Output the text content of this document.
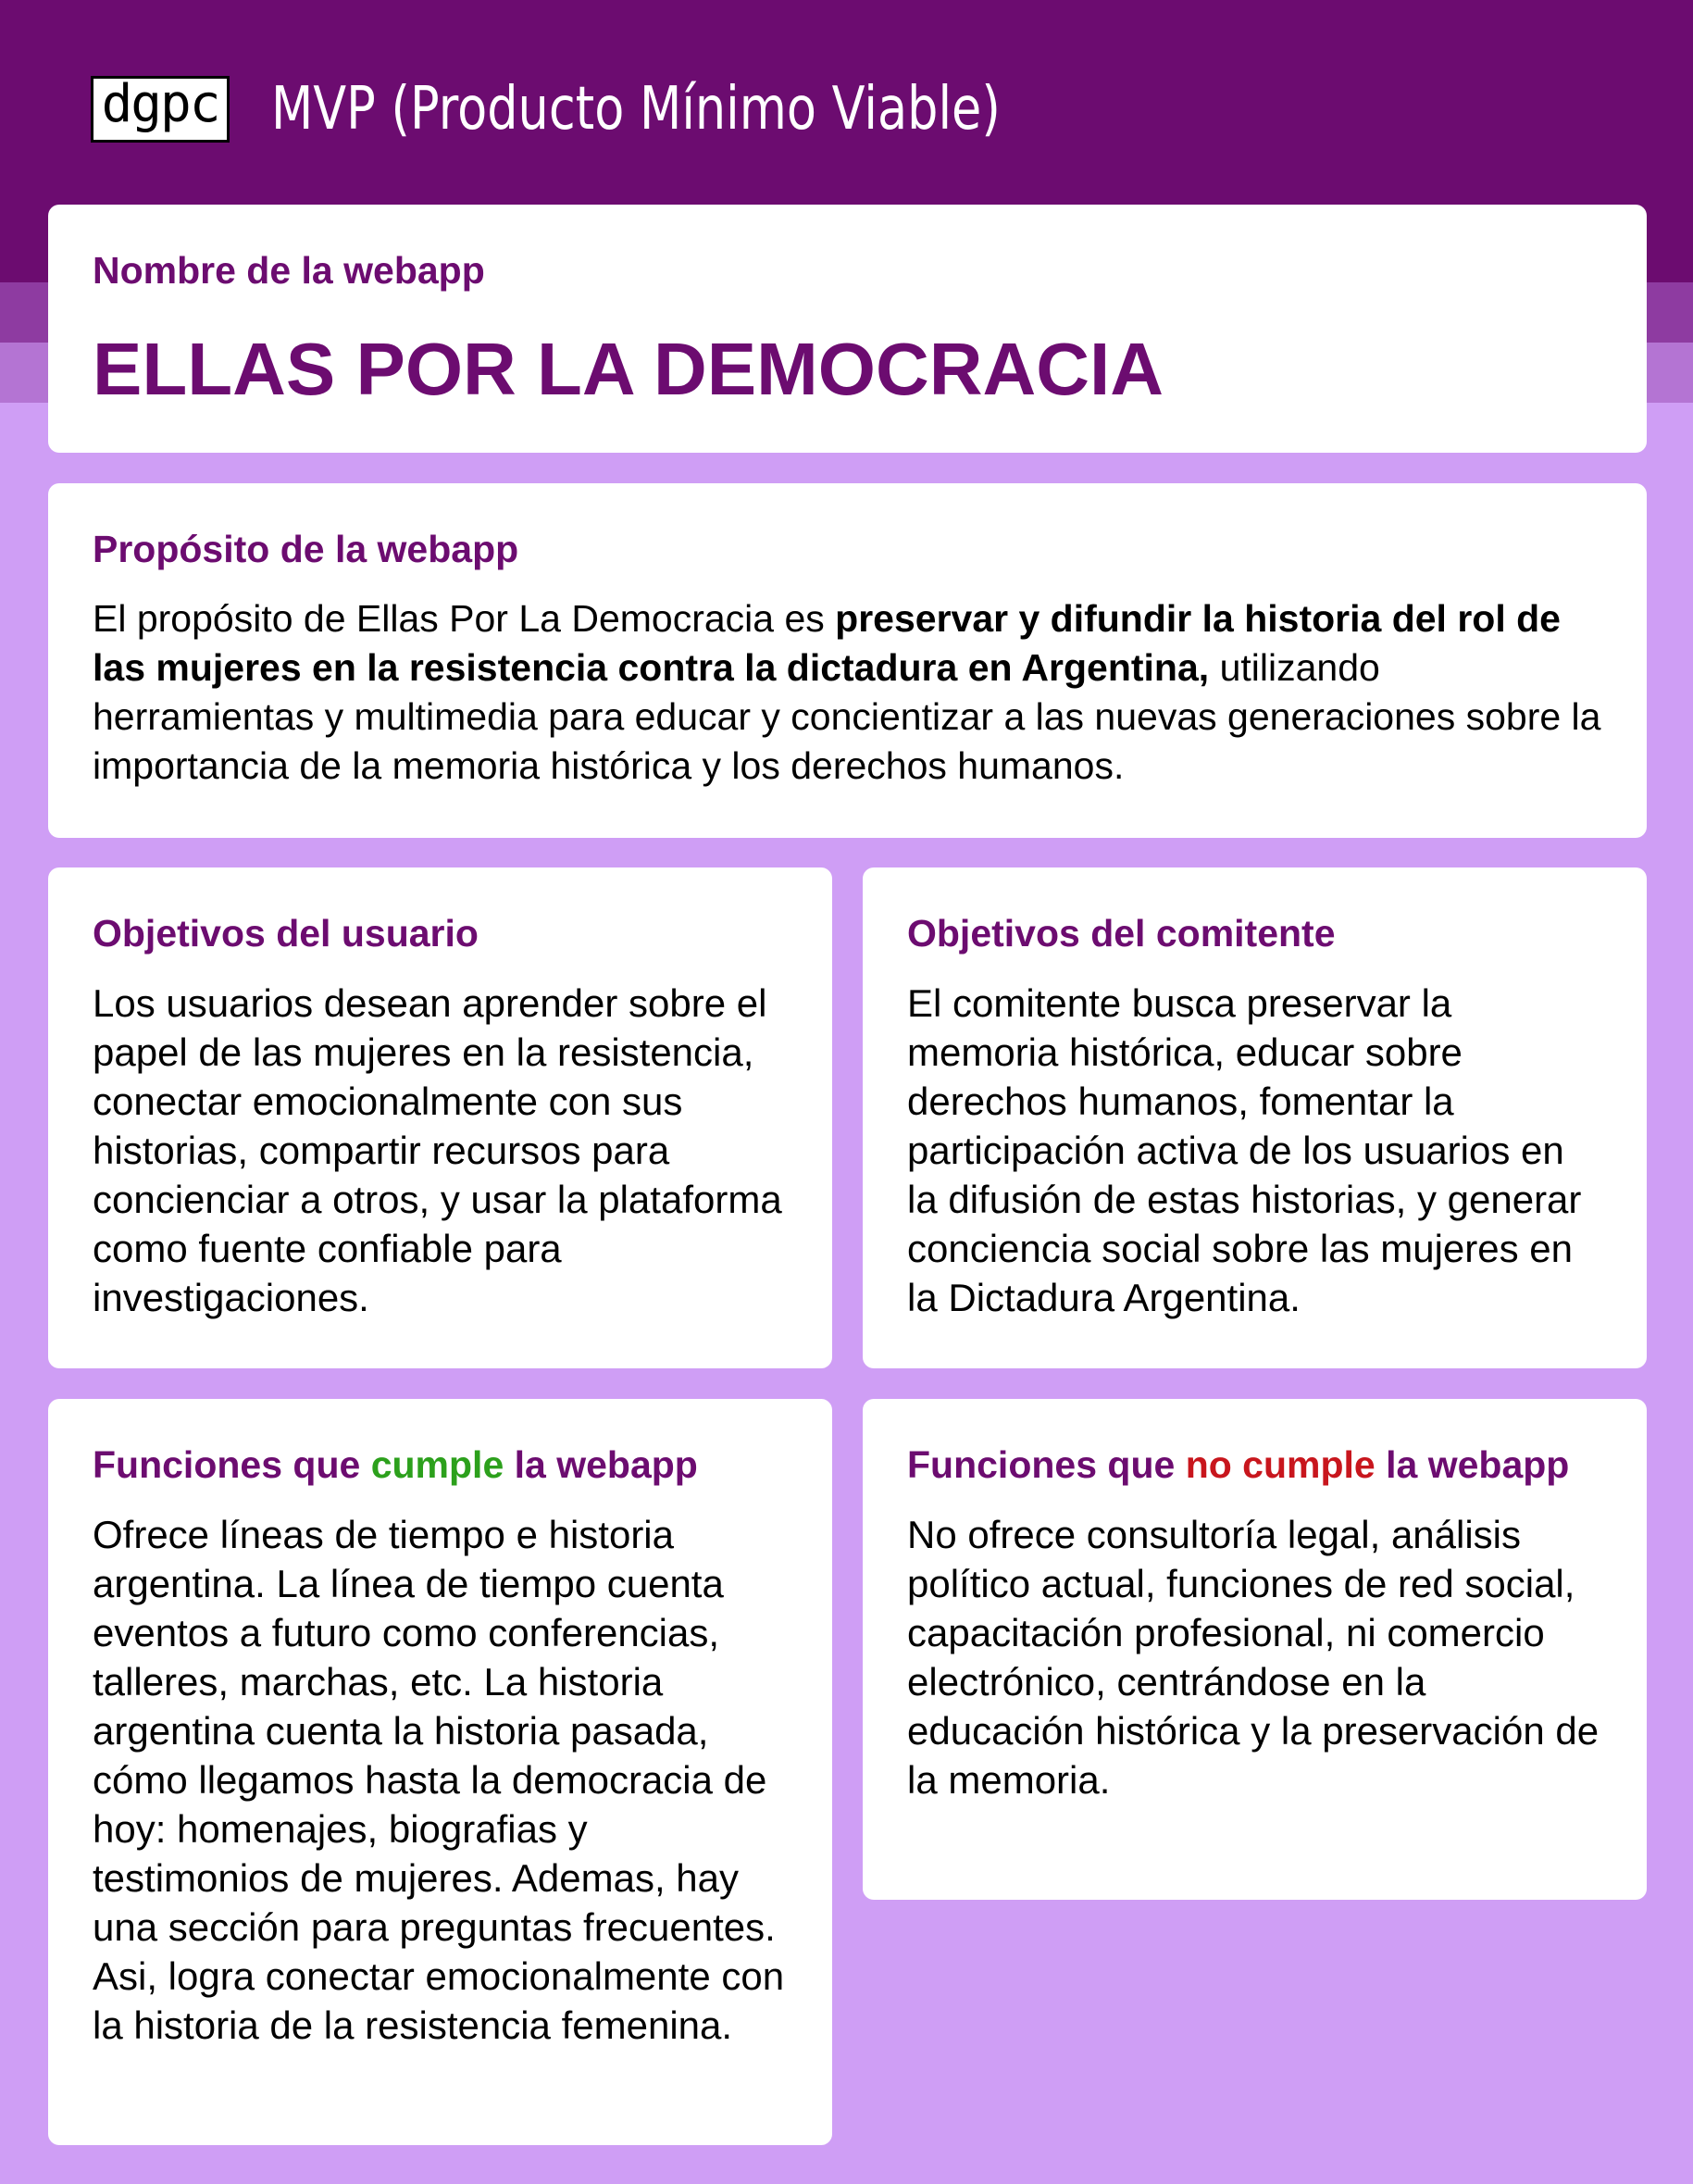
dgpc MVP (Producto Mínimo Viable)
Nombre de la webapp
ELLAS POR LA DEMOCRACIA
Propósito de la webapp
El propósito de Ellas Por La Democracia es preservar y difundir la historia del rol de las mujeres en la resistencia contra la dictadura en Argentina, utilizando herramientas y multimedia para educar y concientizar a las nuevas generaciones sobre la importancia de la memoria histórica y los derechos humanos.
Objetivos del usuario
Los usuarios desean aprender sobre el papel de las mujeres en la resistencia, conectar emocionalmente con sus historias, compartir recursos para concienciar a otros, y usar la plataforma como fuente confiable para investigaciones.
Objetivos del comitente
El comitente busca preservar la memoria histórica, educar sobre derechos humanos, fomentar la participación activa de los usuarios en la difusión de estas historias, y generar conciencia social sobre las mujeres en la Dictadura Argentina.
Funciones que cumple la webapp
Ofrece líneas de tiempo e historia argentina. La línea de tiempo cuenta eventos a futuro como conferencias, talleres, marchas, etc. La historia argentina cuenta la historia pasada, cómo llegamos hasta la democracia de hoy: homenajes, biografias y testimonios de mujeres. Ademas, hay una sección para preguntas frecuentes. Asi, logra conectar emocionalmente con la historia de la resistencia femenina.
Funciones que no cumple la webapp
No ofrece consultoría legal, análisis político actual, funciones de red social, capacitación profesional, ni comercio electrónico, centrándose en la educación histórica y la preservación de la memoria.
